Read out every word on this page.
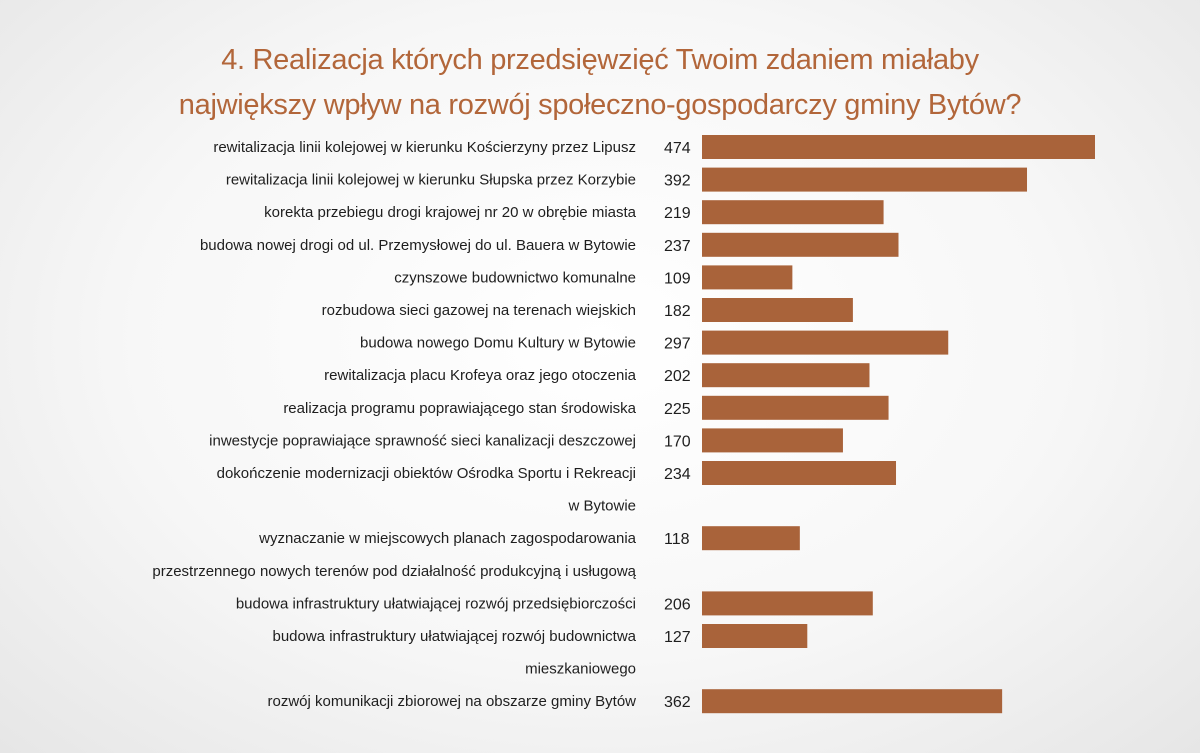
4. Realizacja których przedsięwzięć Twoim zdaniem miałaby
największy wpływ na rozwój społeczno-gospodarczy gminy Bytów?
rewitalizacja linii kolejowej w kierunku Kościerzyny przez Lipusz 474
rewitalizacja linii kolejowej w kierunku Słupska przez Korzybie 392
korekta przebiegu drogi krajowej nr 20 w obrębie miasta 219
budowa nowej drogi od ul. Przemysłowej do ul. Bauera w Bytowie 237
czynszowe budownictwo komunalne 109
rozbudowa sieci gazowej na terenach wiejskich 182
budowa nowego Domu Kultury w Bytowie 297
rewitalizacja placu Krofeya oraz jego otoczenia 202
realizacja programu poprawiającego stan środowiska 225
inwestycje poprawiające sprawność sieci kanalizacji deszczowej 170
dokończenie modernizacji obiektów Ośrodka Sportu i Rekreacji
w Bytowie
234
wyznaczanie w miejscowych planach zagospodarowania
przestrzennego nowych terenów pod działalność produkcyjną i usługową
118
budowa infrastruktury ułatwiającej rozwój przedsiębiorczości 206
budowa infrastruktury ułatwiającej rozwój budownictwa
mieszkaniowego
127
rozwój komunikacji zbiorowej na obszarze gminy Bytów 362
